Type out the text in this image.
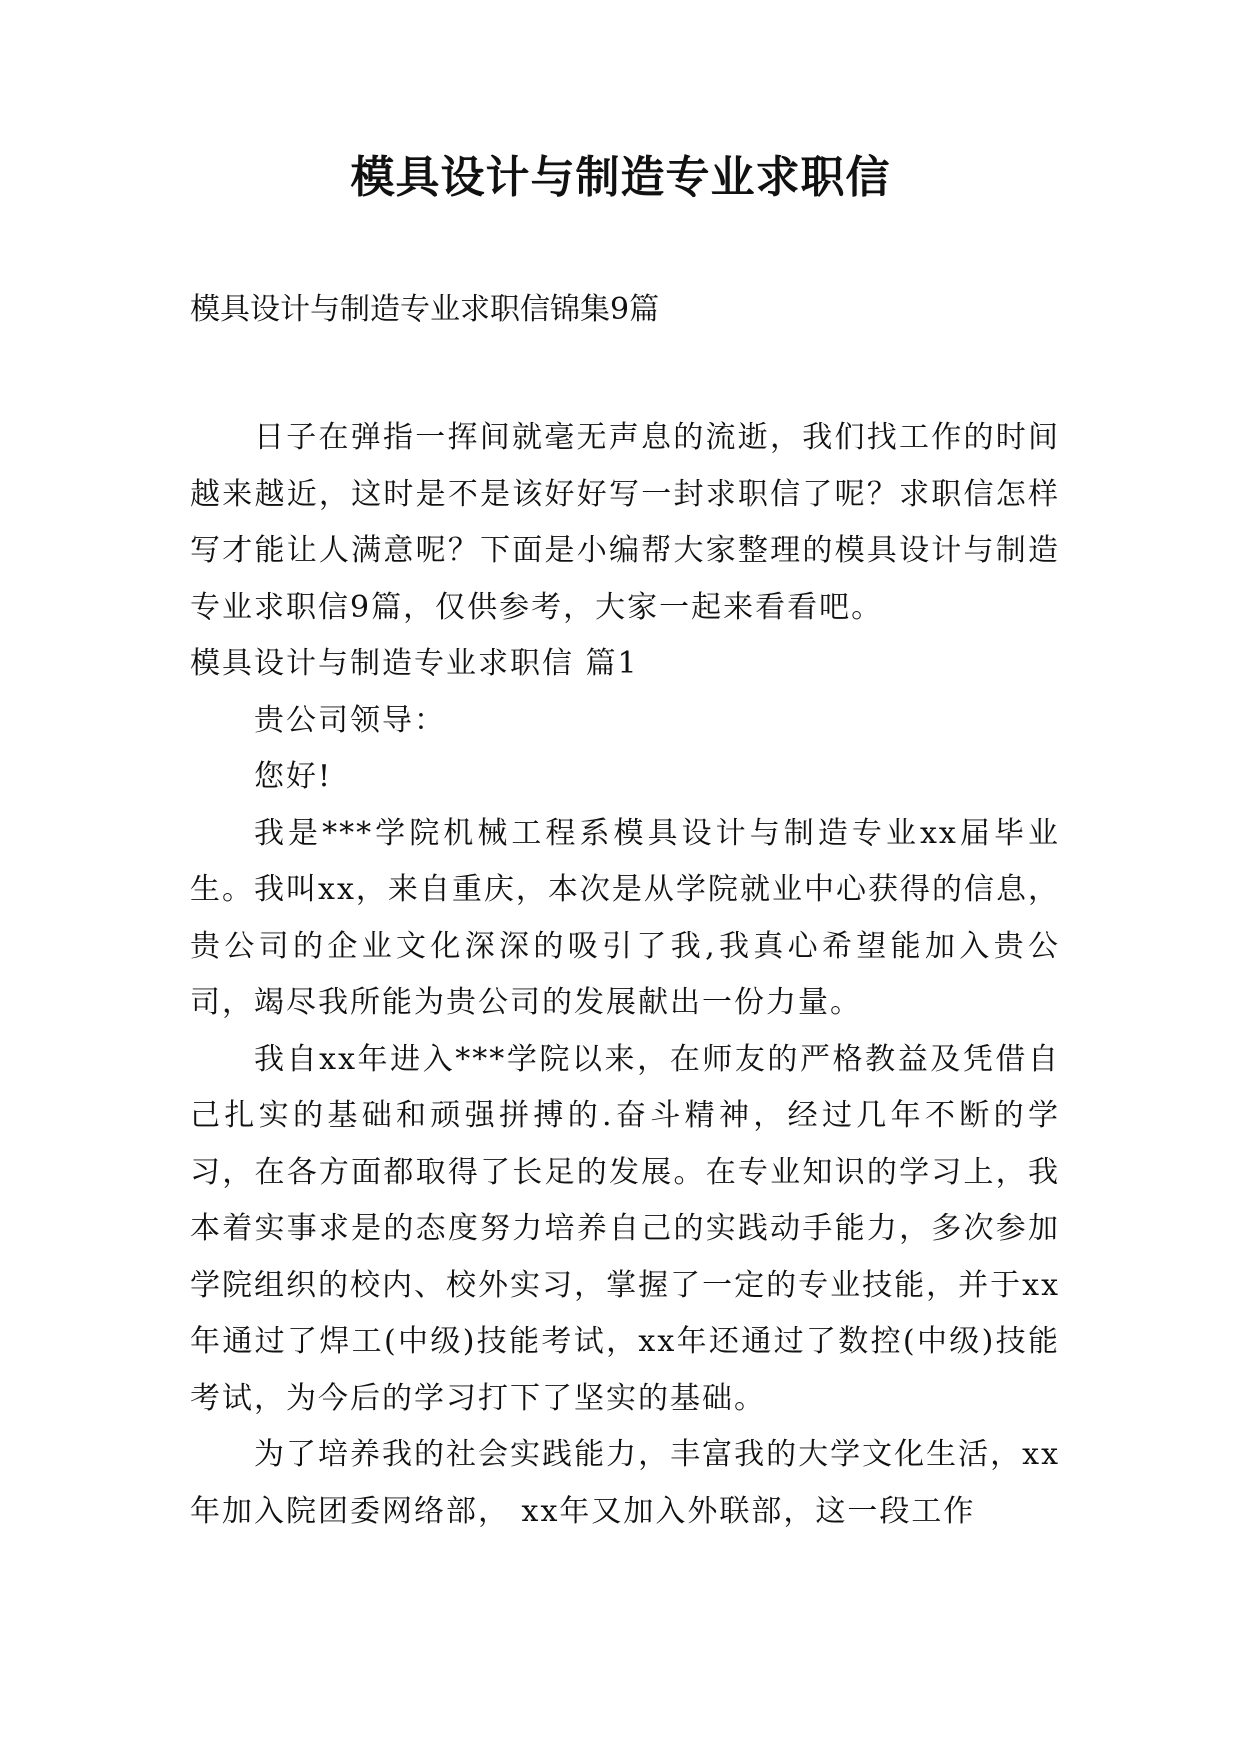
模具设计与制造专业求职信

模具设计与制造专业求职信锦集9篇

日子在弹指一挥间就毫无声息的流逝，我们找工作的时间越来越近，这时是不是该好好写一封求职信了呢？求职信怎样写才能让人满意呢？下面是小编帮大家整理的模具设计与制造专业求职信9篇，仅供参考，大家一起来看看吧。

模具设计与制造专业求职信 篇1

贵公司领导：

您好!

我是***学院机械工程系模具设计与制造专业xx届毕业生。我叫xx，来自重庆，本次是从学院就业中心获得的信息，贵公司的企业文化深深的吸引了我,我真心希望能加入贵公司，竭尽我所能为贵公司的发展献出一份力量。

我自xx年进入***学院以来，在师友的严格教益及凭借自己扎实的基础和顽强拼搏的.奋斗精神，经过几年不断的学习，在各方面都取得了长足的发展。在专业知识的学习上，我本着实事求是的态度努力培养自己的实践动手能力，多次参加学院组织的校内、校外实习，掌握了一定的专业技能，并于xx年通过了焊工(中级)技能考试，xx年还通过了数控(中级)技能考试，为今后的学习打下了坚实的基础。

为了培养我的社会实践能力，丰富我的大学文化生活，xx年加入院团委网络部， xx年又加入外联部，这一段工作
